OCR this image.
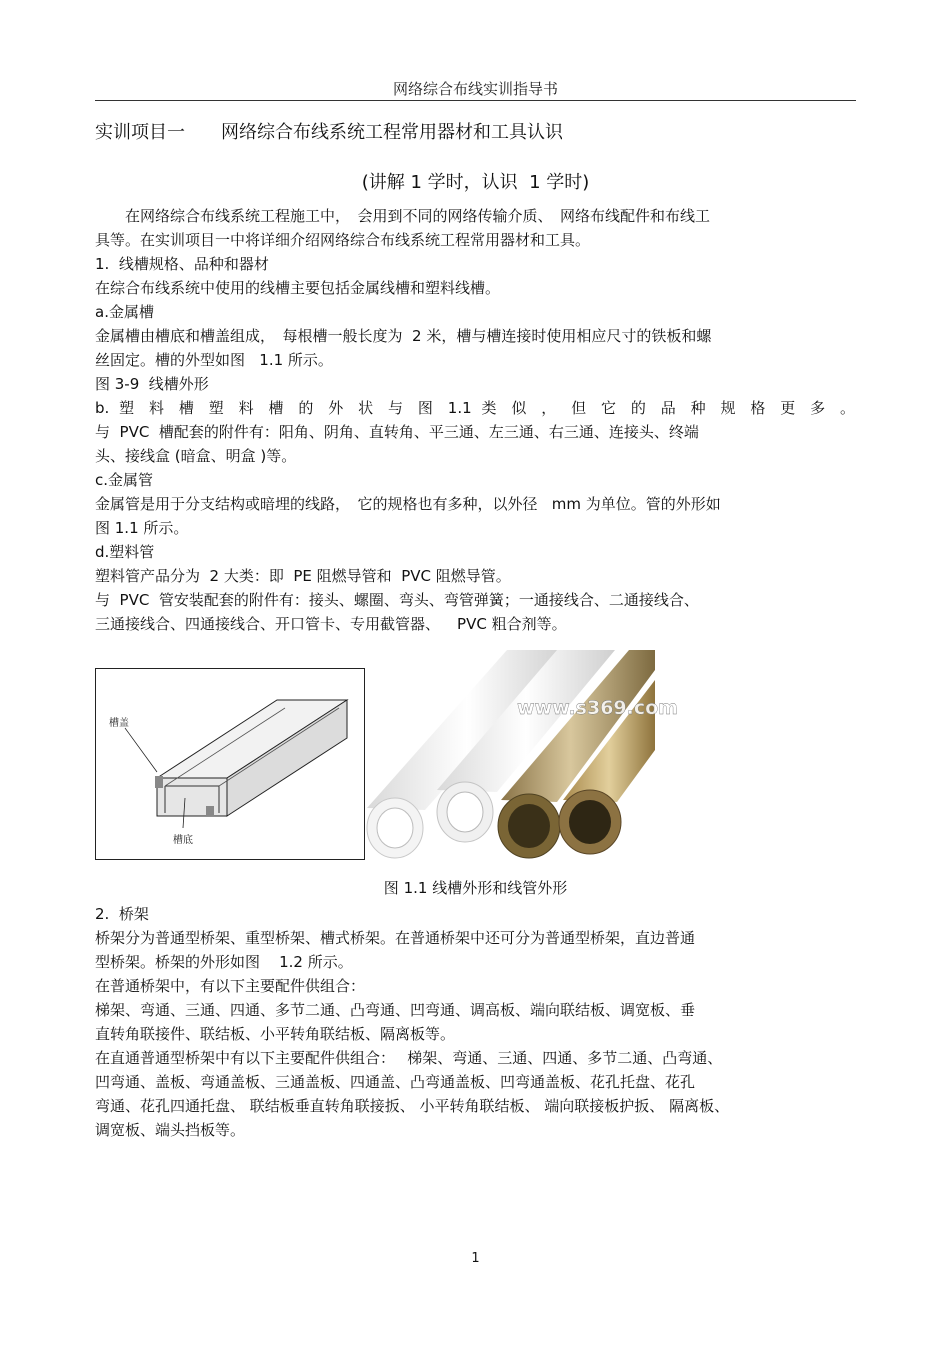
网络综合布线实训指导书
实训项目一　　网络综合布线系统工程常用器材和工具认识
(讲解 1 学时，认识  1 学时)
　　在网络综合布线系统工程施工中，　会用到不同的网络传输介质、　网络布线配件和布线工
具等。在实训项目一中将详细介绍网络综合布线系统工程常用器材和工具。
1.  线槽规格、品种和器材
在综合布线系统中使用的线槽主要包括金属线槽和塑料线槽。
a.金属槽
金属槽由槽底和槽盖组成，　每根槽一般长度为  2 米，槽与槽连接时使用相应尺寸的铁板和螺
丝固定。槽的外型如图   1.1 所示。
图 3-9  线槽外形
b. 塑 料 槽 塑 料 槽 的 外 状 与 图 1.1 类 似 ， 但 它 的 品 种 规 格 更 多 。
与  PVC  槽配套的附件有：阳角、阴角、直转角、平三通、左三通、右三通、连接头、终端
头、接线盒 (暗盒、明盒 )等。
c.金属管
金属管是用于分支结构或暗埋的线路，　它的规格也有多种，以外径   mm 为单位。管的外形如
图 1.1 所示。
d.塑料管
塑料管产品分为  2 大类：即  PE 阻燃导管和  PVC 阻燃导管。
与  PVC  管安装配套的附件有：接头、螺圈、弯头、弯管弹簧；一通接线合、二通接线合、
三通接线合、四通接线合、开口管卡、专用截管器、　  PVC 粗合剂等。
槽盖
槽底
www.s369.com
图 1.1 线槽外形和线管外形
2.  桥架
桥架分为普通型桥架、重型桥架、槽式桥架。在普通桥架中还可分为普通型桥架，直边普通
型桥架。桥架的外形如图    1.2 所示。
在普通桥架中，有以下主要配件供组合：
梯架、弯通、三通、四通、多节二通、凸弯通、凹弯通、调高板、端向联结板、调宽板、垂
直转角联接件、联结板、小平转角联结板、隔离板等。
在直通普通型桥架中有以下主要配件供组合：　 梯架、弯通、三通、四通、多节二通、凸弯通、
凹弯通、盖板、弯通盖板、三通盖板、四通盖、凸弯通盖板、凹弯通盖板、花孔托盘、花孔
弯通、花孔四通托盘、 联结板垂直转角联接扳、 小平转角联结板、 端向联接板护扳、 隔离板、
调宽板、端头挡板等。
1
